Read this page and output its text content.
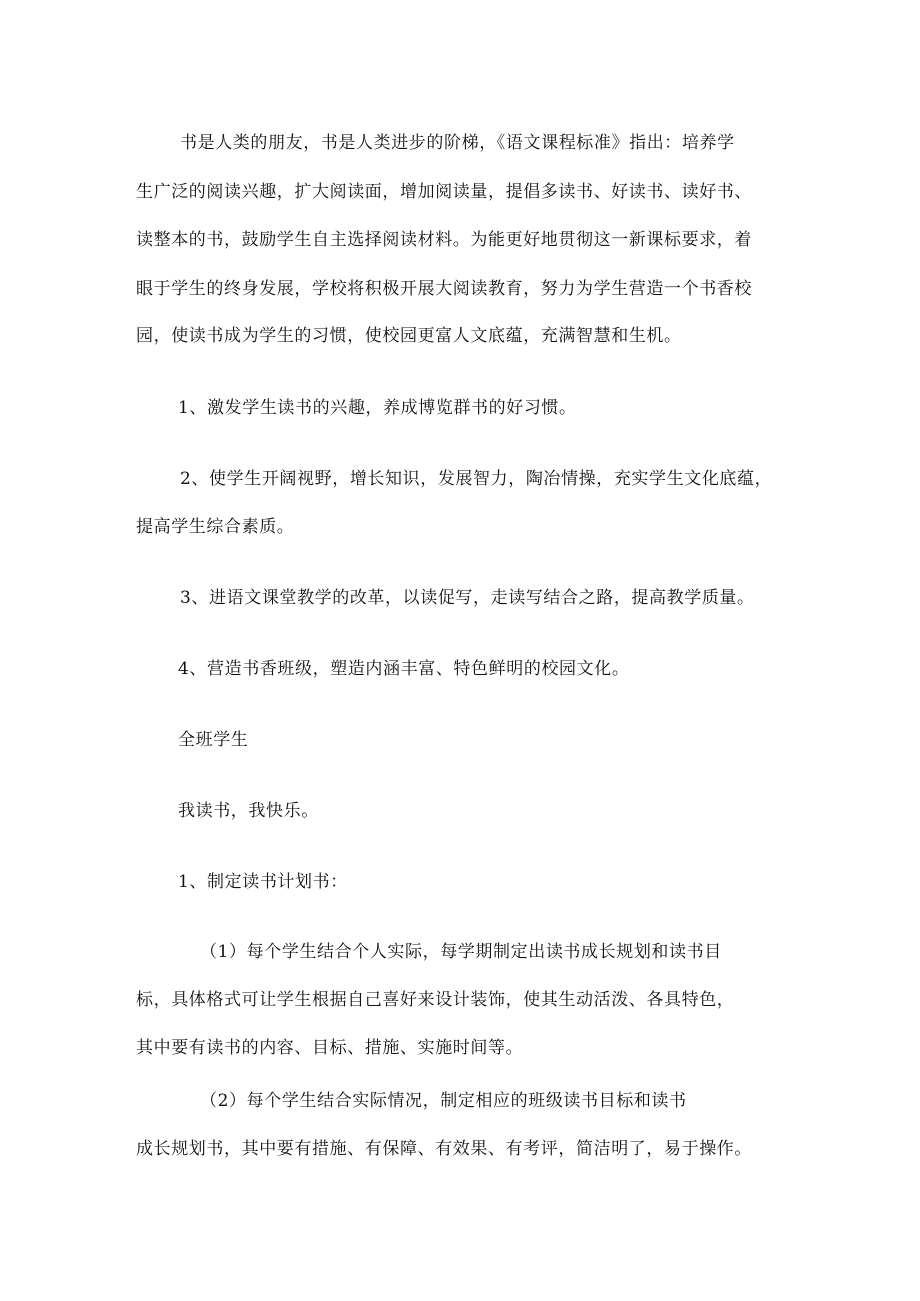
书是人类的朋友，书是人类进步的阶梯，《语文课程标准》指出：培养学
生广泛的阅读兴趣，扩大阅读面，增加阅读量，提倡多读书、好读书、读好书、
读整本的书，鼓励学生自主选择阅读材料。为能更好地贯彻这一新课标要求，着
眼于学生的终身发展，学校将积极开展大阅读教育，努力为学生营造一个书香校
园，使读书成为学生的习惯，使校园更富人文底蕴，充满智慧和生机。
1、激发学生读书的兴趣，养成博览群书的好习惯。
2、使学生开阔视野，增长知识，发展智力，陶冶情操，充实学生文化底蕴，
提高学生综合素质。
3、进语文课堂教学的改革，以读促写，走读写结合之路，提高教学质量。
4、营造书香班级，塑造内涵丰富、特色鲜明的校园文化。
全班学生
我读书，我快乐。
1、制定读书计划书：
（1）每个学生结合个人实际，每学期制定出读书成长规划和读书目
标，具体格式可让学生根据自己喜好来设计装饰，使其生动活泼、各具特色，
其中要有读书的内容、目标、措施、实施时间等。
（2）每个学生结合实际情况，制定相应的班级读书目标和读书
成长规划书，其中要有措施、有保障、有效果、有考评，简洁明了，易于操作。
